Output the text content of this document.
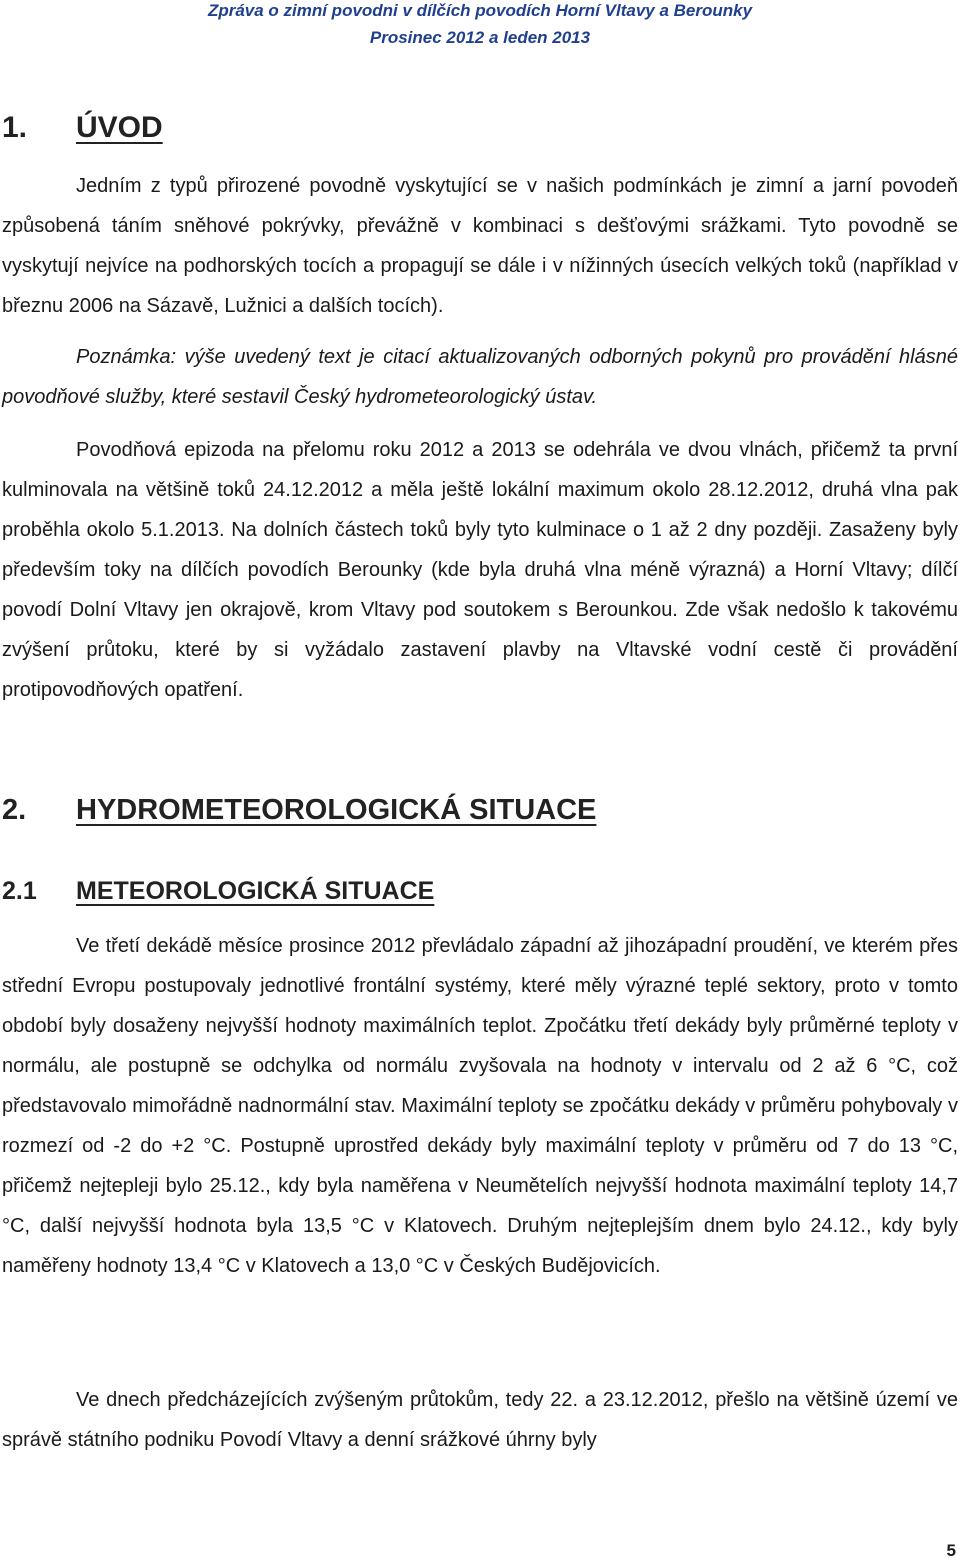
Zpráva o zimní povodni v dílčích povodích Horní Vltavy a Berounky
Prosinec 2012 a leden 2013
1. ÚVOD

Jedním z typů přirozené povodně vyskytující se v našich podmínkách je zimní a jarní povodeň způsobená táním sněhové pokrývky, převážně v kombinaci s dešťovými srážkami. Tyto povodně se vyskytují nejvíce na podhorských tocích a propagují se dále i v nížinných úsecích velkých toků (například v březnu 2006 na Sázavě, Lužnici a dalších tocích).

Poznámka: výše uvedený text je citací aktualizovaných odborných pokynů pro provádění hlásné povodňové služby, které sestavil Český hydrometeorologický ústav.

Povodňová epizoda na přelomu roku 2012 a 2013 se odehrála ve dvou vlnách, přičemž ta první kulminovala na většině toků 24.12.2012 a měla ještě lokální maximum okolo 28.12.2012, druhá vlna pak proběhla okolo 5.1.2013. Na dolních částech toků byly tyto kulminace o 1 až 2 dny později. Zasaženy byly především toky na dílčích povodích Berounky (kde byla druhá vlna méně výrazná) a Horní Vltavy; dílčí povodí Dolní Vltavy jen okrajově, krom Vltavy pod soutokem s Berounkou. Zde však nedošlo k takovému zvýšení průtoku, které by si vyžádalo zastavení plavby na Vltavské vodní cestě či provádění protipovodňových opatření.

2. HYDROMETEOROLOGICKÁ SITUACE
2.1 METEOROLOGICKÁ SITUACE

Ve třetí dekádě měsíce prosince 2012 převládalo západní až jihozápadní proudění, ve kterém přes střední Evropu postupovaly jednotlivé frontální systémy, které měly výrazné teplé sektory, proto v tomto období byly dosaženy nejvyšší hodnoty maximálních teplot. Zpočátku třetí dekády byly průměrné teploty v normálu, ale postupně se odchylka od normálu zvyšovala na hodnoty v intervalu od 2 až 6 °C, což představovalo mimořádně nadnormální stav. Maximální teploty se zpočátku dekády v průměru pohybovaly v rozmezí od -2 do +2 °C. Postupně uprostřed dekády byly maximální teploty v průměru od 7 do 13 °C, přičemž nejtepleji bylo 25.12., kdy byla naměřena v Neumětelích nejvyšší hodnota maximální teploty 14,7 °C, další nejvyšší hodnota byla 13,5 °C v Klatovech. Druhým nejteplejším dnem bylo 24.12., kdy byly naměřeny hodnoty 13,4 °C v Klatovech a 13,0 °C v Českých Budějovicích.

Ve dnech předcházejících zvýšeným průtokům, tedy 22. a 23.12.2012, přešlo na většině území ve správě státního podniku Povodí Vltavy a denní srážkové úhrny byly

5
